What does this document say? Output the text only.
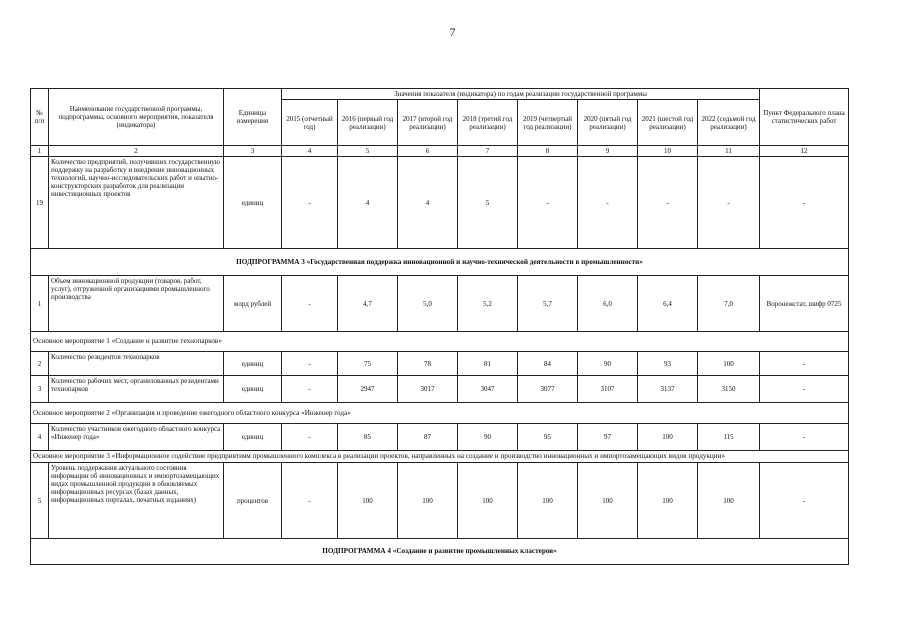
7
№ п/п	Наименование государственной программы, подпрограммы, основного мероприятия, показателя (индикатора)	Единицы измерения	Значения показателя (индикатора) по годам реализации государственной программы								Пункт Федерального плана статистических работ
			2015 (отчетный год)	2016 (первый год реализации)	2017 (второй год реализации)	2018 (третий год реализации)	2019 (четвертый год реализации)	2020 (пятый год реализации)	2021 (шестой год реализации)	2022 (седьмой год реализации)	
1	2	3	4	5	6	7	8	9	10	11	12
19	Количество предприятий, получивших государственную поддержку на разработку и внедрение инновационных технологий, научно-исследовательских работ и опытно-конструкторских разработок для реализации инвестиционных проектов	единиц	-	4	4	5	-	-	-	-	-
ПОДПРОГРАММА 3 «Государственная поддержка инновационной и научно-технической деятельности в промышленности»											
1	Объем инновационной продукции (товаров, работ, услуг), отгруженной организациями промышленного производства	млрд рублей	-	4,7	5,0	5,2	5,7	6,0	6,4	7,0	Воронежстат, шифр 0725
Основное мероприятие 1 «Создание и развитие технопарков»											
2	Количество резидентов технопарков	единиц	-	75	78	81	84	90	93	100	-
3	Количество рабочих мест, организованных резидентами технопарков	единиц	-	2947	3017	3047	3077	3107	3137	3150	-
Основное мероприятие 2 «Организация и проведение ежегодного областного конкурса «Инженер года»											
4	Количество участников ежегодного областного конкурса «Инженер года»	единиц	-	85	87	90	95	97	100	115	-
Основное мероприятие 3 «Информационное содействие предприятиям промышленного комплекса в реализации проектов, направленных на создание и производство инновационных и импортозамещающих видов продукции»											
5	Уровень поддержания актуального состояния информации об инновационных и импортозамещающих видах промышленной продукции в обновляемых информационных ресурсах (базах данных, информационных порталах, печатных изданиях)	процентов	-	100	100	100	100	100	100	100	-
ПОДПРОГРАММА 4 «Создание и развитие промышленных кластеров»											
